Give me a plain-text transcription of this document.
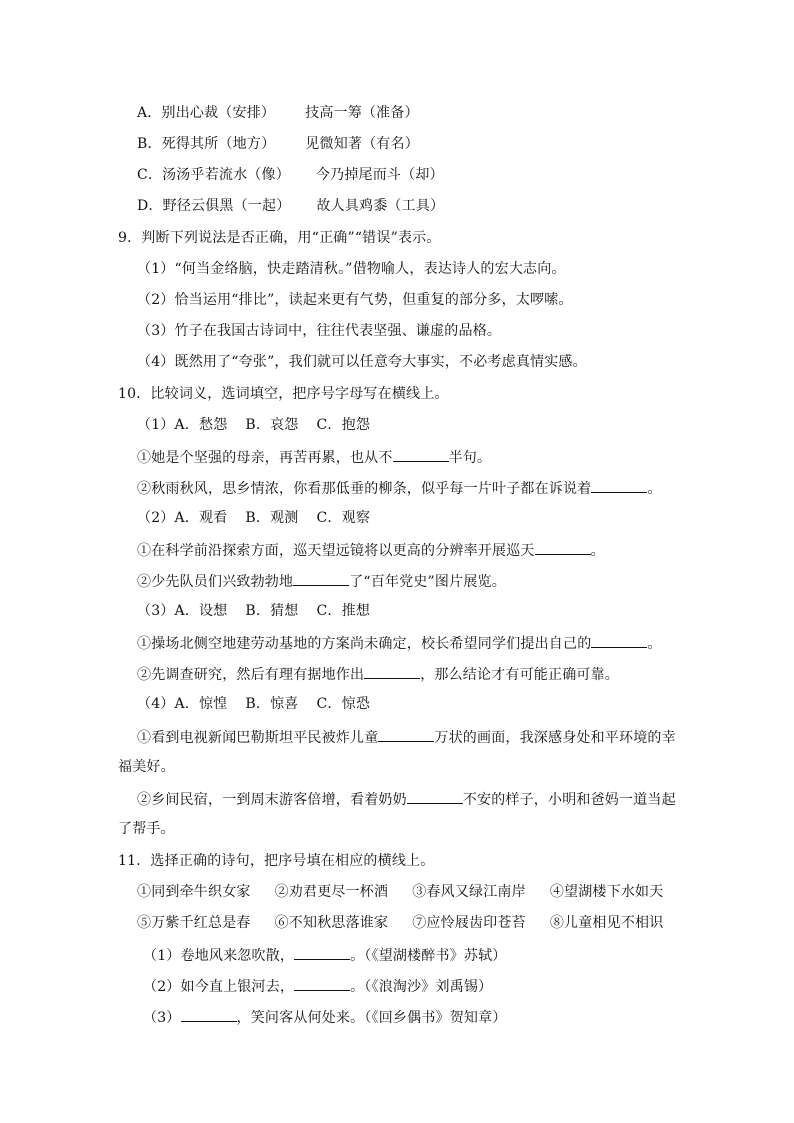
A．别出心裁（安排） 技高一筹（准备）
B．死得其所（地方） 见微知著（有名）
C．汤汤乎若流水（像） 今乃掉尾而斗（却）
D．野径云俱黑（一起） 故人具鸡黍（工具）
9．判断下列说法是否正确，用“正确”“错误”表示。
（1）“何当金络脑，快走踏清秋。”借物喻人，表达诗人的宏大志向。
（2）恰当运用“排比”，读起来更有气势，但重复的部分多，太啰嗦。
（3）竹子在我国古诗词中，往往代表坚强、谦虚的品格。
（4）既然用了“夸张”，我们就可以任意夸大事实，不必考虑真情实感。
10．比较词义，选词填空，把序号字母写在横线上。
（1）A．愁怨 B．哀怨 C．抱怨
①她是个坚强的母亲，再苦再累，也从不	半句。
②秋雨秋风，思乡情浓，你看那低垂的柳条，似乎每一片叶子都在诉说着	。
（2）A．观看 B．观测 C．观察
①在科学前沿探索方面，巡天望远镜将以更高的分辨率开展巡天	。
②少先队员们兴致勃勃地	了“百年党史”图片展览。
（3）A．设想 B．猜想 C．推想
①操场北侧空地建劳动基地的方案尚未确定，校长希望同学们提出自己的	。
②先调查研究，然后有理有据地作出	，那么结论才有可能正确可靠。
（4）A．惊惶 B．惊喜 C．惊恐
①看到电视新闻巴勒斯坦平民被炸儿童	万状的画面，我深感身处和平环境的幸
福美好。
②乡间民宿，一到周末游客倍增，看着奶奶	不安的样子，小明和爸妈一道当起
了帮手。
11．选择正确的诗句，把序号填在相应的横线上。
①同到牵牛织女家 ②劝君更尽一杯酒 ③春风又绿江南岸 ④望湖楼下水如天
⑤万紫千红总是春 ⑥不知秋思落谁家 ⑦应怜屐齿印苍苔 ⑧儿童相见不相识
（1）卷地风来忽吹散，	。（《望湖楼醉书》苏轼）
（2）如今直上银河去，	。（《浪淘沙》刘禹锡）
（3）	，笑问客从何处来。（《回乡偶书》贺知章）
